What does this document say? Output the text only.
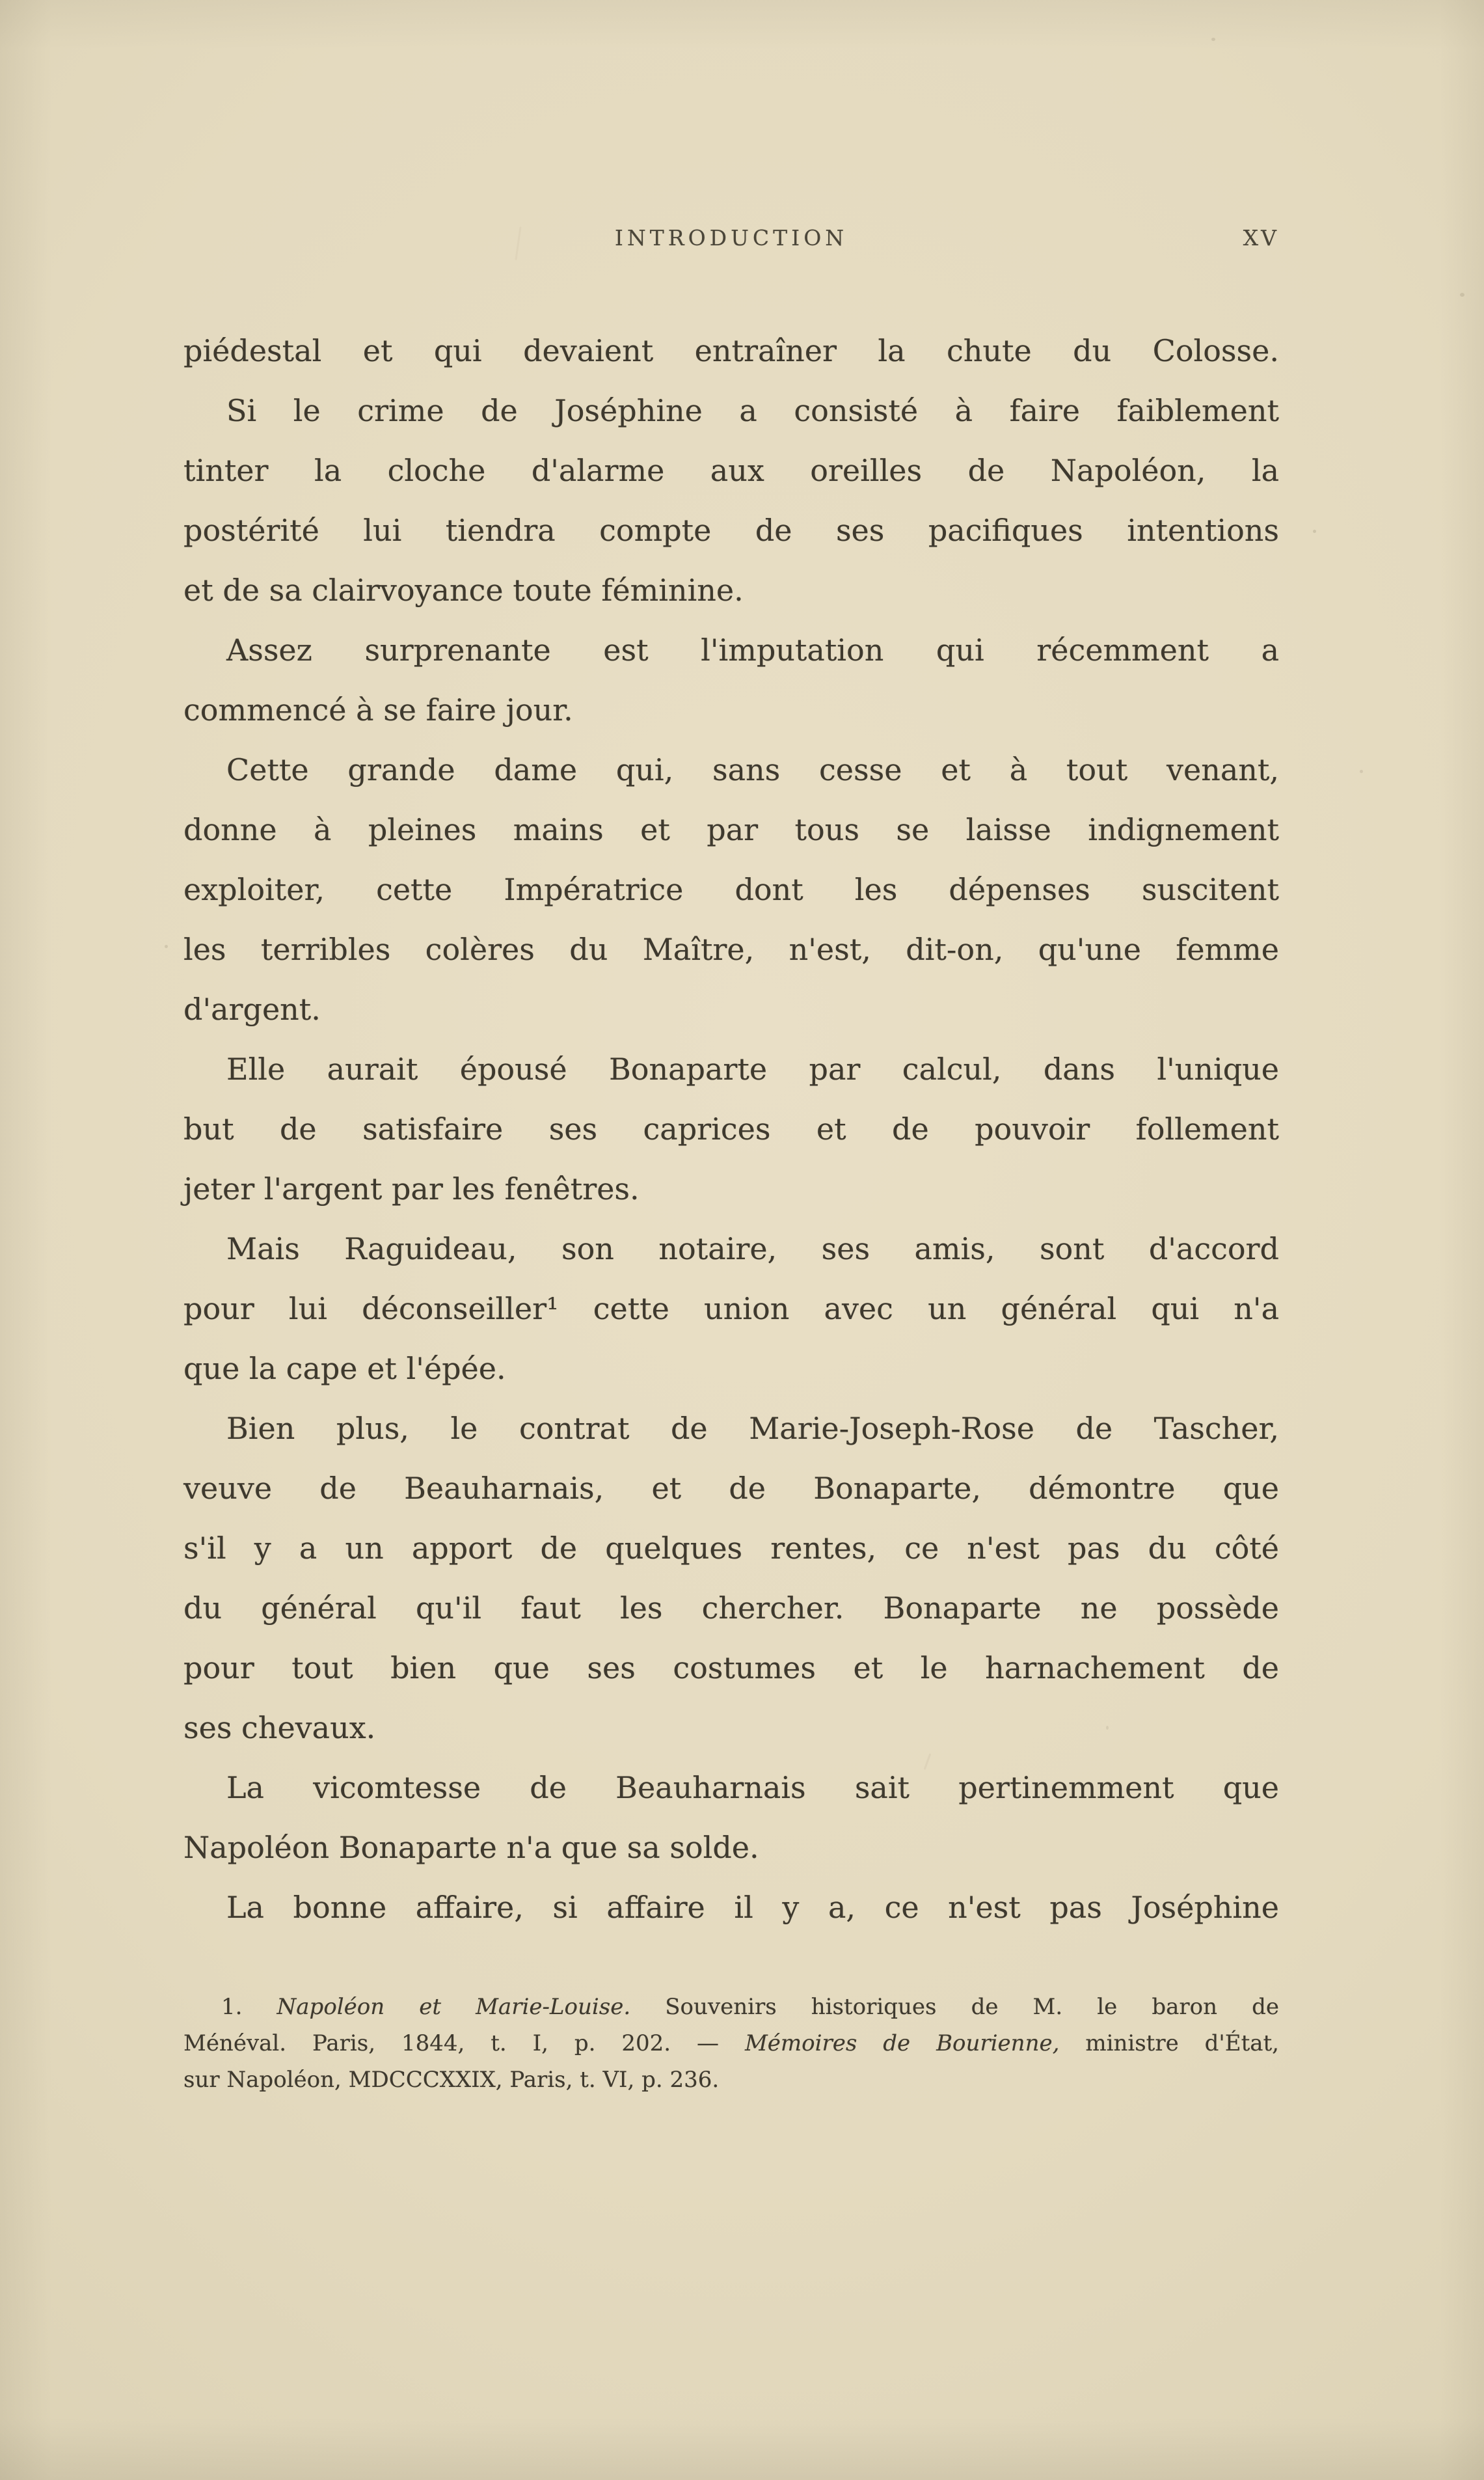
INTRODUCTION	XV
piédestal et qui devaient entraîner la chute du Colosse.
Si le crime de Joséphine a consisté à faire faiblement
tinter la cloche d'alarme aux oreilles de Napoléon, la
postérité lui tiendra compte de ses pacifiques intentions
et de sa clairvoyance toute féminine.
Assez surprenante est l'imputation qui récemment a
commencé à se faire jour.
Cette grande dame qui, sans cesse et à tout venant,
donne à pleines mains et par tous se laisse indignement
exploiter, cette Impératrice dont les dépenses suscitent
les terribles colères du Maître, n'est, dit-on, qu'une femme
d'argent.
Elle aurait épousé Bonaparte par calcul, dans l'unique
but de satisfaire ses caprices et de pouvoir follement
jeter l'argent par les fenêtres.
Mais Raguideau, son notaire, ses amis, sont d'accord
pour lui déconseiller¹ cette union avec un général qui n'a
que la cape et l'épée.
Bien plus, le contrat de Marie-Joseph-Rose de Tascher,
veuve de Beauharnais, et de Bonaparte, démontre que
s'il y a un apport de quelques rentes, ce n'est pas du côté
du général qu'il faut les chercher. Bonaparte ne possède
pour tout bien que ses costumes et le harnachement de
ses chevaux.
La vicomtesse de Beauharnais sait pertinemment que
Napoléon Bonaparte n'a que sa solde.
La bonne affaire, si affaire il y a, ce n'est pas Joséphine
1. Napoléon et Marie-Louise. Souvenirs historiques de M. le baron de
Ménéval. Paris, 1844, t. I, p. 202. — Mémoires de Bourienne, ministre d'État,
sur Napoléon, MDCCCXXIX, Paris, t. VI, p. 236.
